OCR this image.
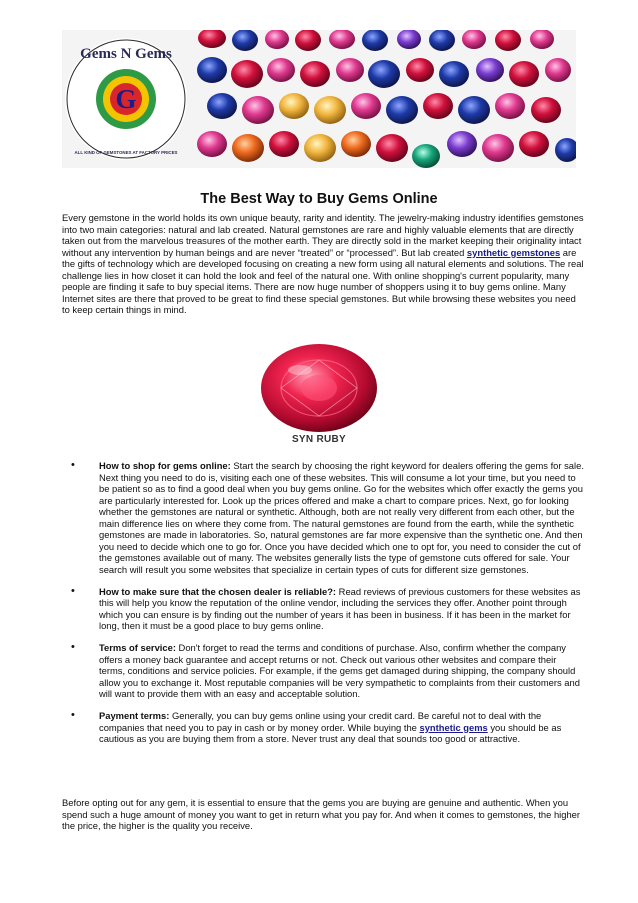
G
Gems N Gems
ALL KIND OF GEMSTONES AT FACTORY PRICES
The Best Way to Buy Gems Online

Every gemstone in the world holds its own unique beauty, rarity and identity. The jewelry-making industry identifies gemstones into two main categories: natural and lab created. Natural gemstones are rare and highly valuable elements that are directly taken out from the marvelous treasures of the mother earth. They are directly sold in the market keeping their originality intact without any intervention by human beings and are never “treated” or “processed”. But lab created synthetic gemstones are the gifts of technology which are developed focusing on creating a new form using all natural elements and solutions. The real challenge lies in how closet it can hold the look and feel of the natural one. With online shopping's current popularity, many people are finding it safe to buy special items. There are now huge number of shoppers using it to buy gems online. Many Internet sites are there that proved to be great to find these special gemstones. But while browsing these websites you need to keep certain things in mind.

SYN RUBY
•	How to shop for gems online: Start the search by choosing the right keyword for dealers offering the gems for sale. Next thing you need to do is, visiting each one of these websites. This will consume a lot your time, but you need to be patient so as to find a good deal when you buy gems online. Go for the websites which offer exactly the gems you are particularly interested for. Look up the prices offered and make a chart to compare prices. Next, go for looking whether the gemstones are natural or synthetic. Although, both are not really very different from each other, but the main difference lies on where they come from. The natural gemstones are found from the earth, while the synthetic gemstones are made in laboratories. So, natural gemstones are far more expensive than the synthetic one. And then you need to decide which one to go for. Once you have decided which one to opt for, you need to consider the cut of the gemstones available out of many. The websites generally lists the type of gemstone cuts offered for sale. Your search will result you some websites that specialize in certain types of cuts for different size gemstones.
•	How to make sure that the chosen dealer is reliable?: Read reviews of previous customers for these websites as this will help you know the reputation of the online vendor, including the services they offer. Another point through which you can ensure is by finding out the number of years it has been in business. If it has been in the market for long, then it must be a good place to buy gems online.
•	Terms of service: Don't forget to read the terms and conditions of purchase. Also, confirm whether the company offers a money back guarantee and accept returns or not. Check out various other websites and compare their terms, conditions and service policies. For example, if the gems get damaged during shipping, the company should allow you to exchange it. Most reputable companies will be very sympathetic to complaints from their customers and will want to provide them with an easy and acceptable solution.
•	Payment terms: Generally, you can buy gems online using your credit card. Be careful not to deal with the companies that need you to pay in cash or by money order. While buying the synthetic gems you should be as cautious as you are buying them from a store. Never trust any deal that sounds too good or attractive.

Before opting out for any gem, it is essential to ensure that the gems you are buying are genuine and authentic. When you spend such a huge amount of money you want to get in return what you pay for. And when it comes to gemstones, the higher the price, the higher is the quality you receive.
